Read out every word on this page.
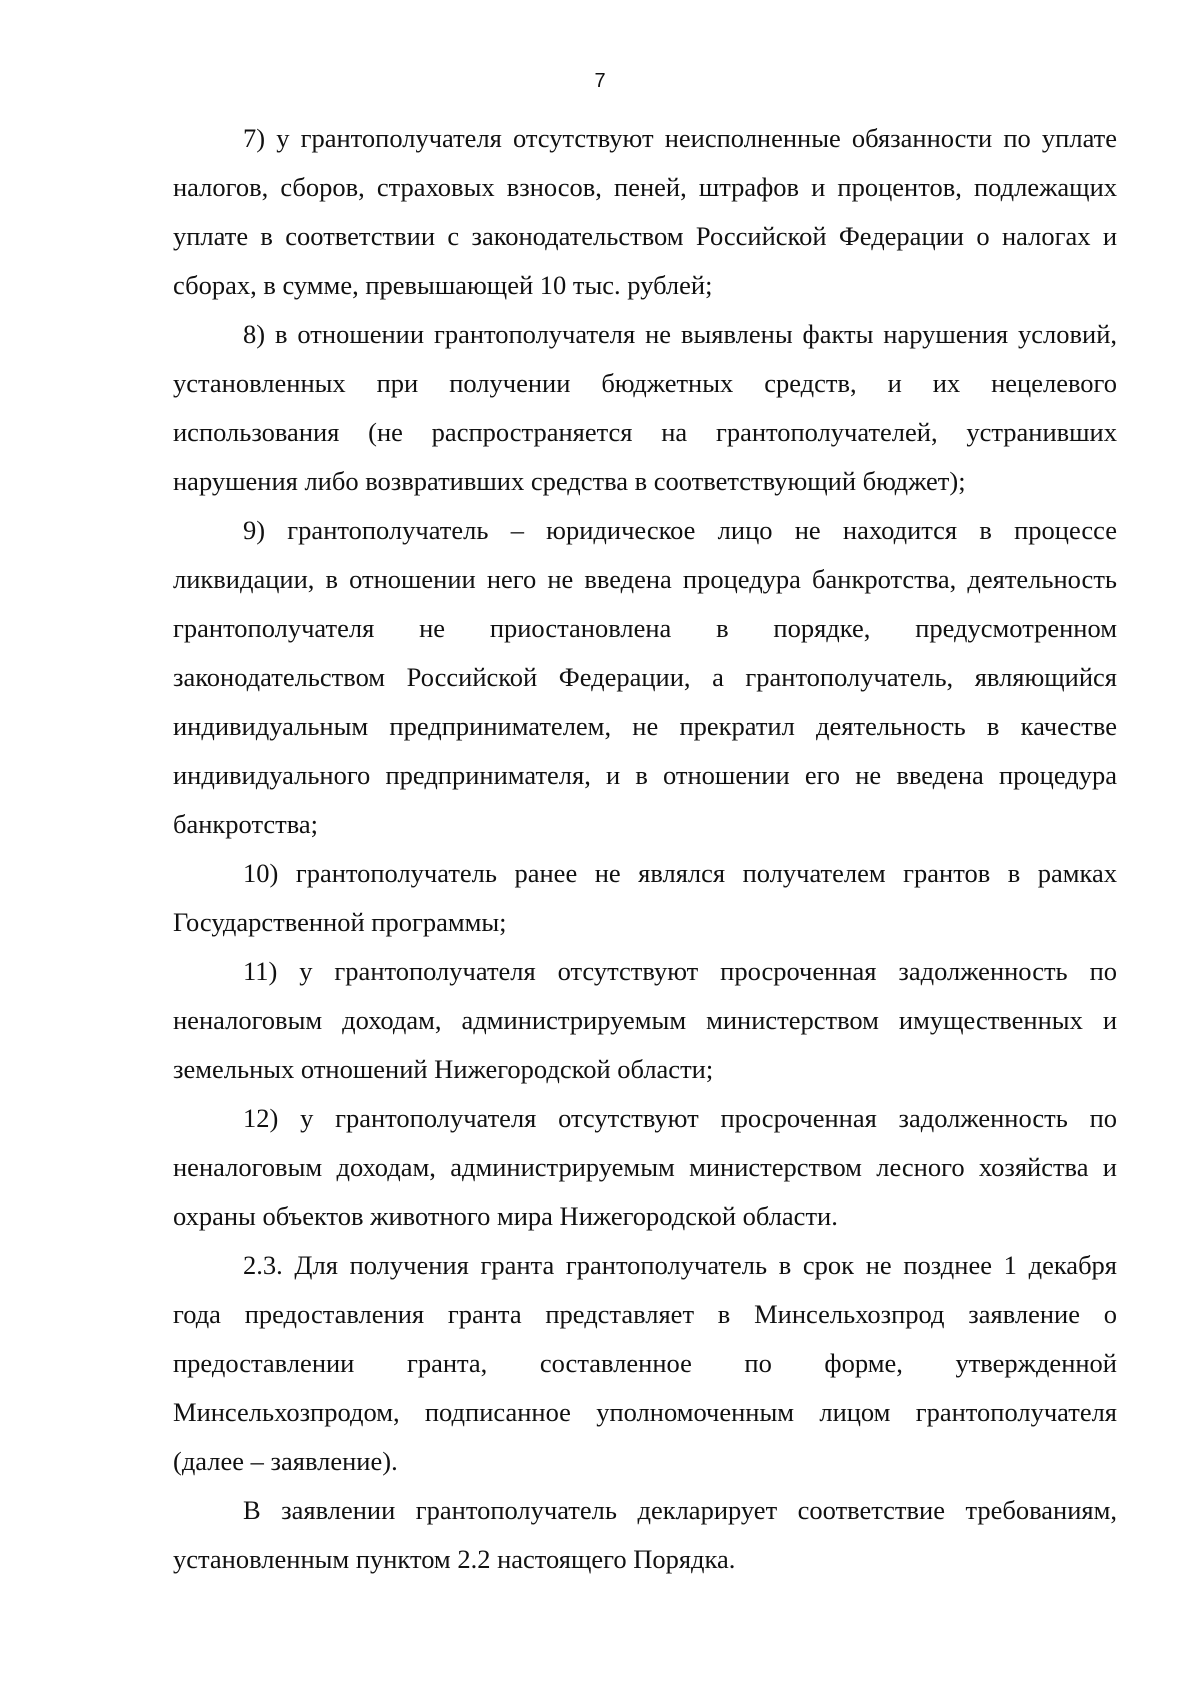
7

7) у грантополучателя отсутствуют неисполненные обязанности по уплате налогов, сборов, страховых взносов, пеней, штрафов и процентов, подлежащих уплате в соответствии с законодательством Российской Федерации о налогах и сборах, в сумме, превышающей 10 тыс. рублей;

8) в отношении грантополучателя не выявлены факты нарушения условий, установленных при получении бюджетных средств, и их нецелевого использования (не распространяется на грантополучателей, устранивших нарушения либо возвративших средства в соответствующий бюджет);

9) грантополучатель – юридическое лицо не находится в процессе ликвидации, в отношении него не введена процедура банкротства, деятельность грантополучателя не приостановлена в порядке, предусмотренном законодательством Российской Федерации, а грантополучатель, являющийся индивидуальным предпринимателем, не прекратил деятельность в качестве индивидуального предпринимателя, и в отношении его не введена процедура банкротства;

10) грантополучатель ранее не являлся получателем грантов в рамках Государственной программы;

11) у грантополучателя отсутствуют просроченная задолженность по неналоговым доходам, администрируемым министерством имущественных и земельных отношений Нижегородской области;

12) у грантополучателя отсутствуют просроченная задолженность по неналоговым доходам, администрируемым министерством лесного хозяйства и охраны объектов животного мира Нижегородской области.

2.3. Для получения гранта грантополучатель в срок не позднее 1 декабря года предоставления гранта представляет в Минсельхозпрод заявление о предоставлении гранта, составленное по форме, утвержденной Минсельхозпродом, подписанное уполномоченным лицом грантополучателя (далее – заявление).

В заявлении грантополучатель декларирует соответствие требованиям, установленным пунктом 2.2 настоящего Порядка.
